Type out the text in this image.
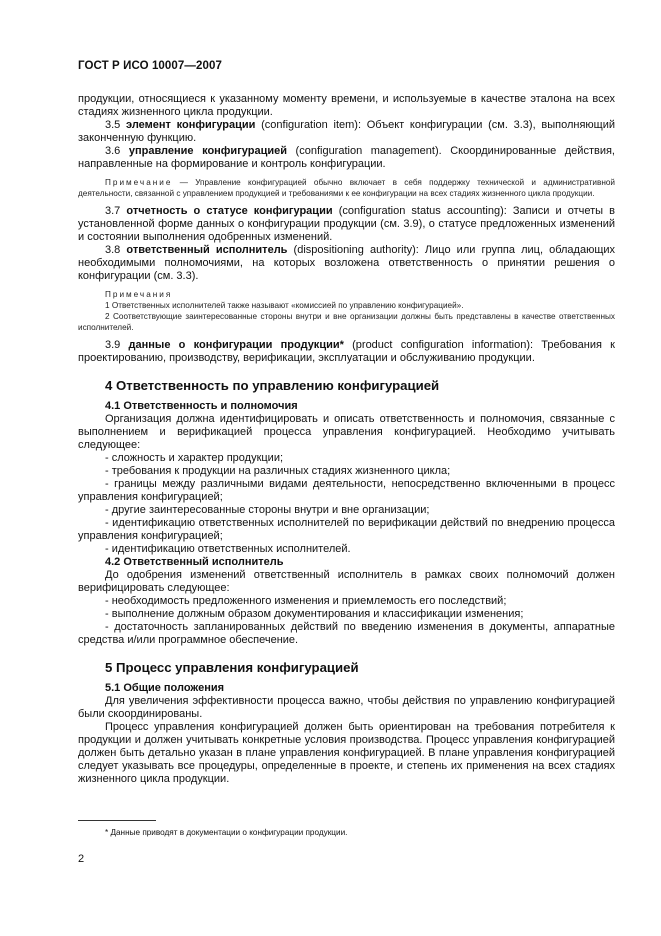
ГОСТ Р ИСО 10007—2007

продукции, относящиеся к указанному моменту времени, и используемые в качестве эталона на всех стадиях жизненного цикла продукции.

3.5 элемент конфигурации (configuration item): Объект конфигурации (см. 3.3), выполняющий законченную функцию.

3.6 управление конфигурацией (configuration management). Скоординированные действия, направленные на формирование и контроль конфигурации.

Примечание — Управление конфигурацией обычно включает в себя поддержку технической и административной деятельности, связанной с управлением продукцией и требованиями к ее конфигурации на всех стадиях жизненного цикла продукции.

3.7 отчетность о статусе конфигурации (configuration status accounting): Записи и отчеты в установленной форме данных о конфигурации продукции (см. 3.9), о статусе предложенных изменений и состоянии выполнения одобренных изменений.

3.8 ответственный исполнитель (dispositioning authority): Лицо или группа лиц, обладающих необходимыми полномочиями, на которых возложена ответственность о принятии решения о конфигурации (см. 3.3).

Примечания

1 Ответственных исполнителей также называют «комиссией по управлению конфигурацией».

2 Соответствующие заинтересованные стороны внутри и вне организации должны быть представлены в качестве ответственных исполнителей.

3.9 данные о конфигурации продукции* (product configuration information): Требования к проектированию, производству, верификации, эксплуатации и обслуживанию продукции.

4 Ответственность по управлению конфигурацией
4.1 Ответственность и полномочия

Организация должна идентифицировать и описать ответственность и полномочия, связанные с выполнением и верификацией процесса управления конфигурацией. Необходимо учитывать следующее:

- сложность и характер продукции;

- требования к продукции на различных стадиях жизненного цикла;

- границы между различными видами деятельности, непосредственно включенными в процесс управления конфигурацией;

- другие заинтересованные стороны внутри и вне организации;

- идентификацию ответственных исполнителей по верификации действий по внедрению процесса управления конфигурацией;

- идентификацию ответственных исполнителей.

4.2 Ответственный исполнитель

До одобрения изменений ответственный исполнитель в рамках своих полномочий должен верифицировать следующее:

- необходимость предложенного изменения и приемлемость его последствий;

- выполнение должным образом документирования и классификации изменения;

- достаточность запланированных действий по введению изменения в документы, аппаратные средства и/или программное обеспечение.

5 Процесс управления конфигурацией
5.1 Общие положения

Для увеличения эффективности процесса важно, чтобы действия по управлению конфигурацией были скоординированы.

Процесс управления конфигурацией должен быть ориентирован на требования потребителя к продукции и должен учитывать конкретные условия производства. Процесс управления конфигурацией должен быть детально указан в плане управления конфигурацией. В плане управления конфигурацией следует указывать все процедуры, определенные в проекте, и степень их применения на всех стадиях жизненного цикла продукции.

* Данные приводят в документации о конфигурации продукции.

2
